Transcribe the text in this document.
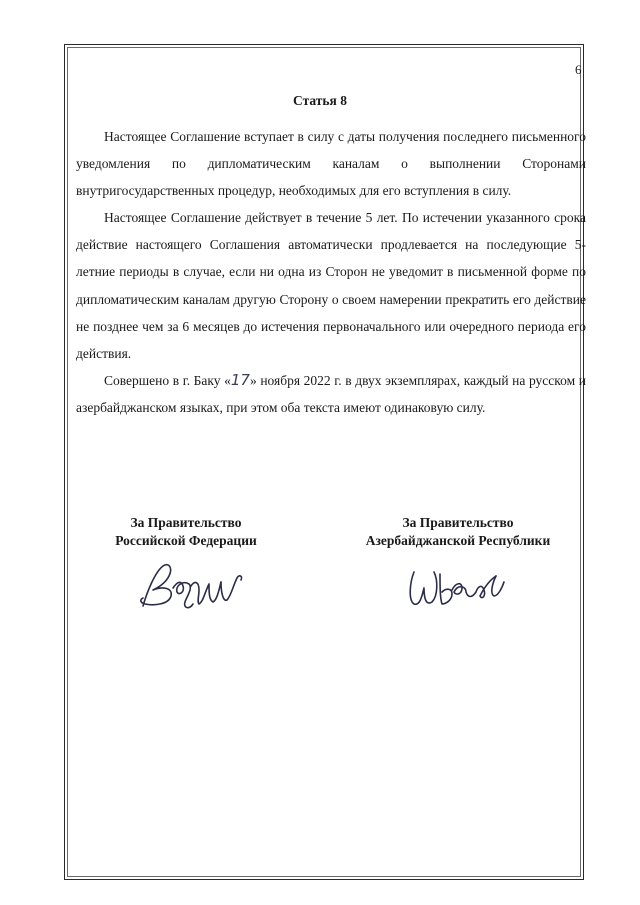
6
Статья 8

Настоящее Соглашение вступает в силу с даты получения последнего письменного уведомления по дипломатическим каналам о выполнении Сторонами внутригосударственных процедур, необходимых для его вступления в силу.

Настоящее Соглашение действует в течение 5 лет. По истечении указанного срока действие настоящего Соглашения автоматически продлевается на последующие 5-летние периоды в случае, если ни одна из Сторон не уведомит в письменной форме по дипломатическим каналам другую Сторону о своем намерении прекратить его действие не позднее чем за 6 месяцев до истечения первоначального или очередного периода его действия.

Совершено в г. Баку «17» ноября 2022 г. в двух экземплярах, каждый на русском и азербайджанском языках, при этом оба текста имеют одинаковую силу.

За Правительство
Российской Федерации
За Правительство
Азербайджанской Республики
